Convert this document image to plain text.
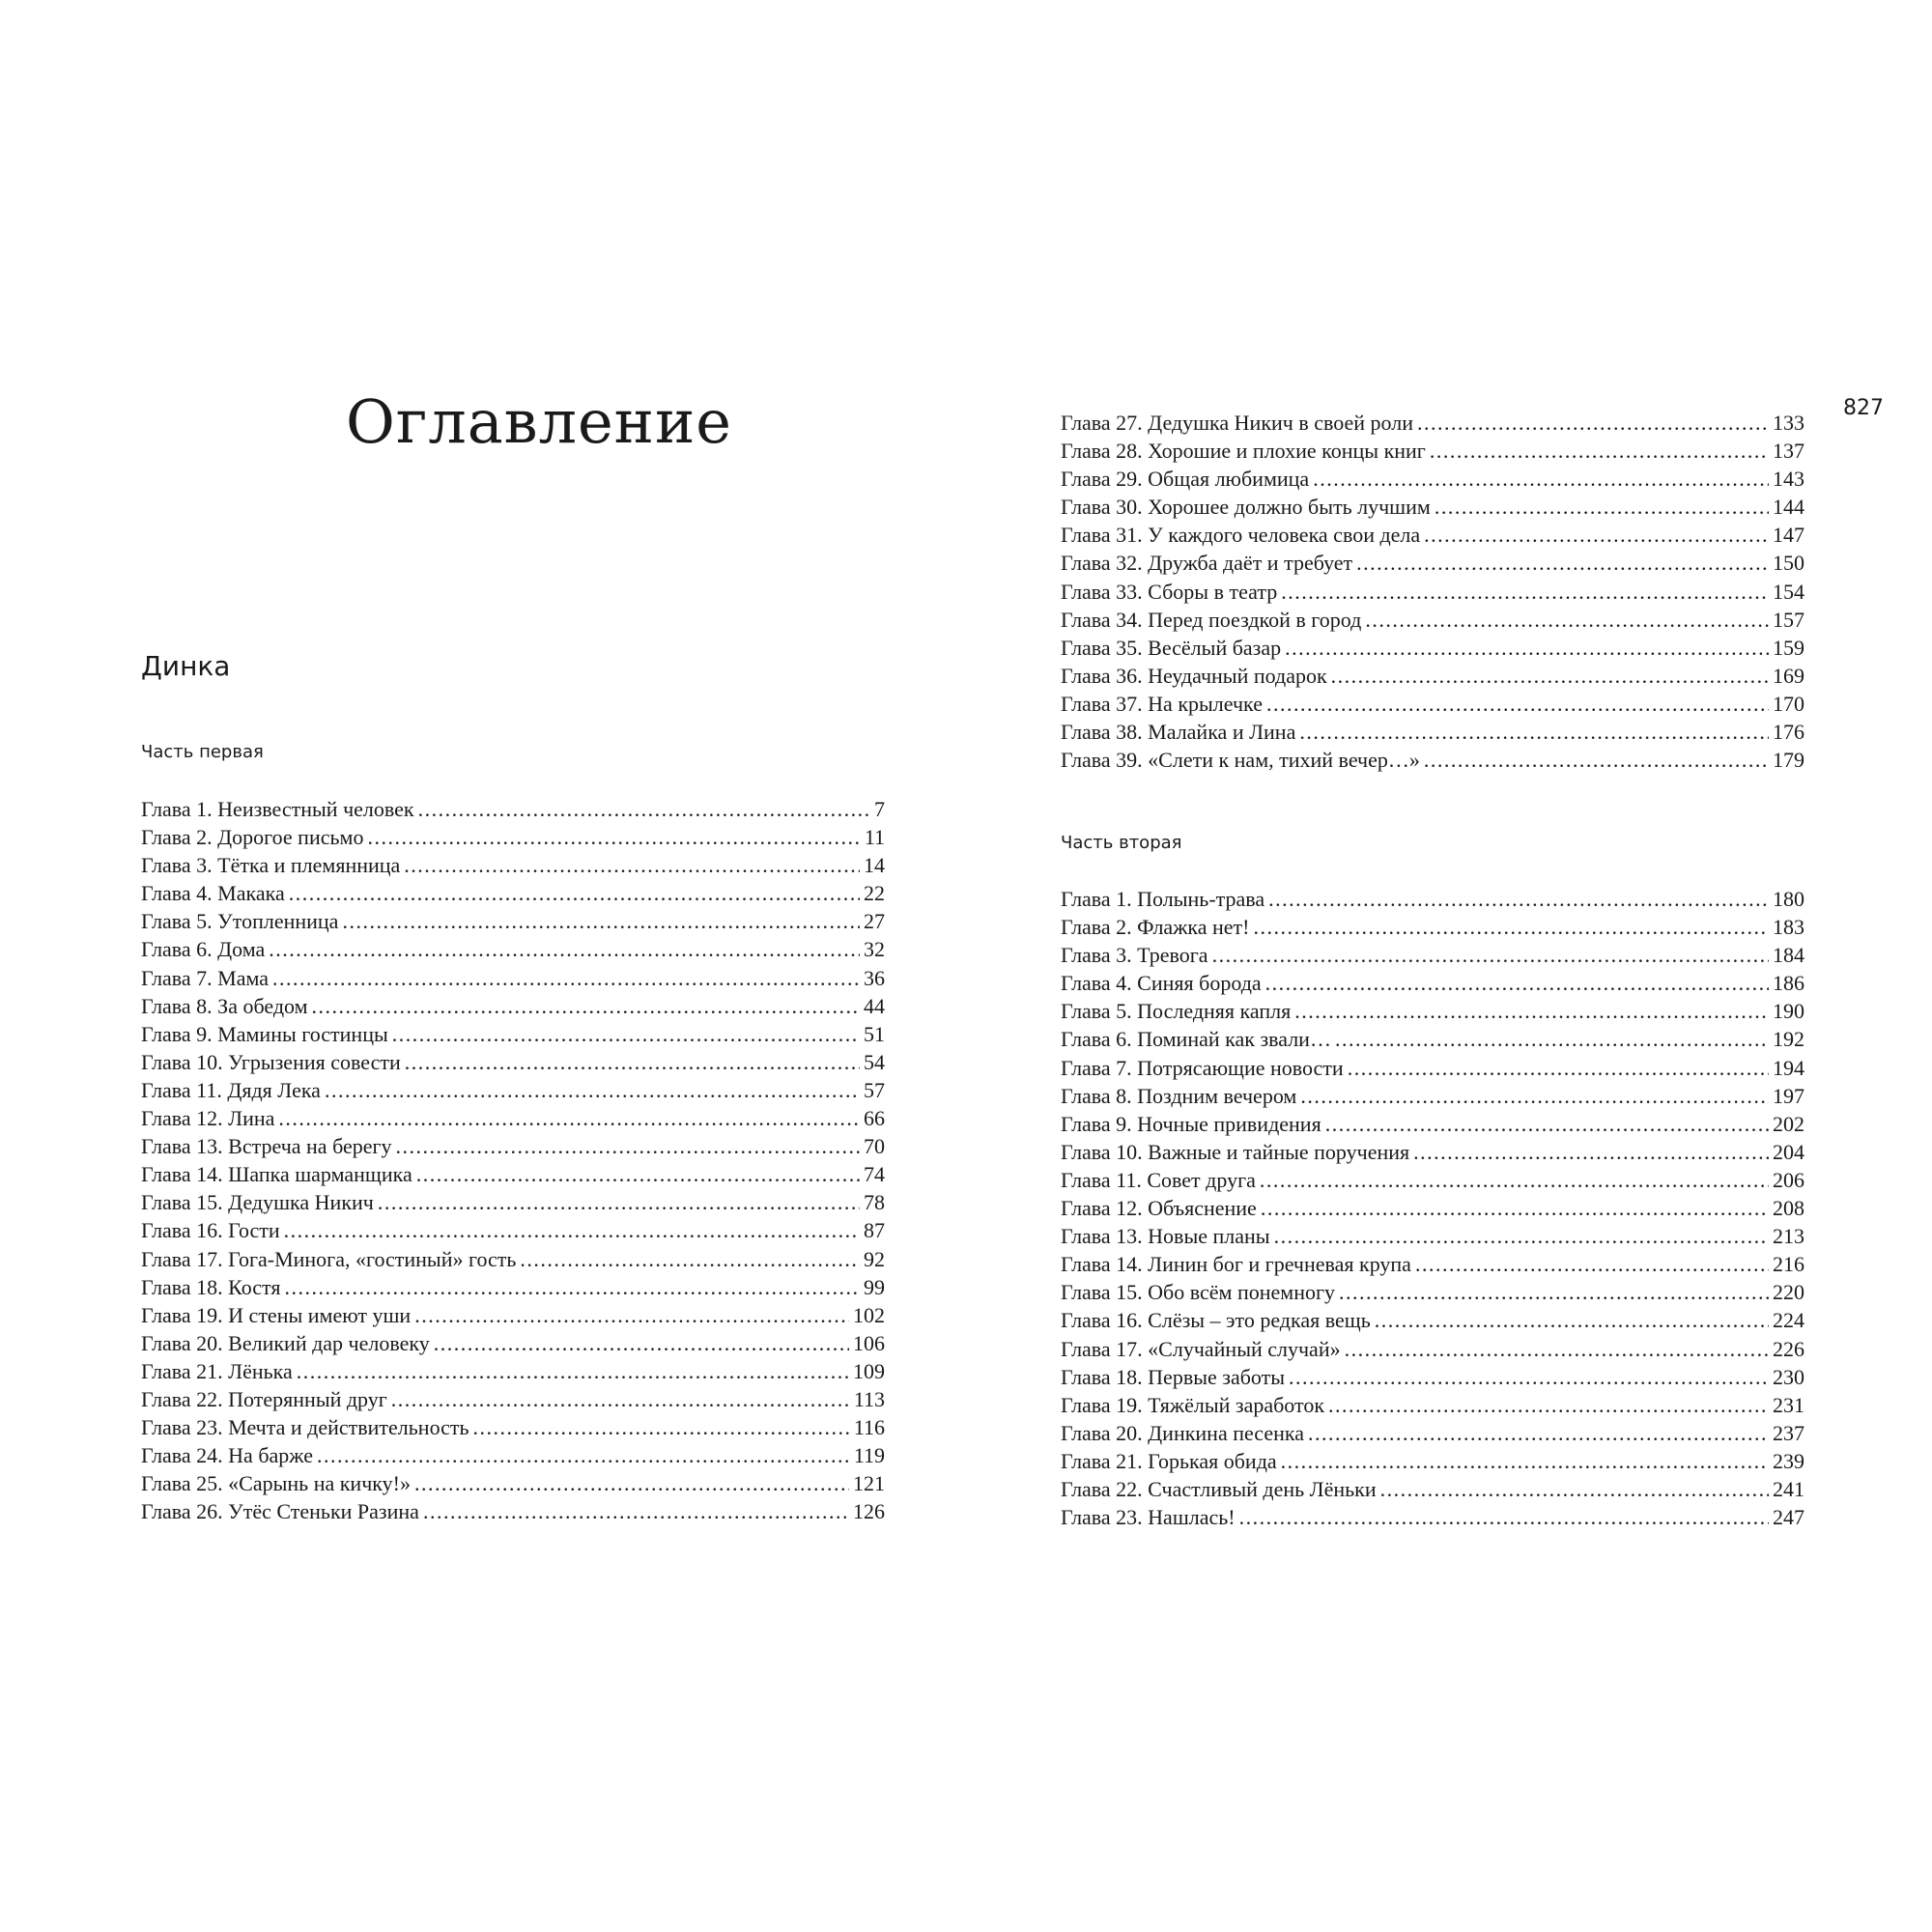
827
Оглавление
Динка
Часть первая
Глава 1. Неизвестный человек .....	7
Глава 2. Дорогое письмо .....	11
Глава 3. Тётка и племянница .....	14
Глава 4. Макака .....	22
Глава 5. Утопленница .....	27
Глава 6. Дома .....	32
Глава 7. Мама .....	36
Глава 8. За обедом .....	44
Глава 9. Мамины гостинцы .....	51
Глава 10. Угрызения совести .....	54
Глава 11. Дядя Лека .....	57
Глава 12. Лина .....	66
Глава 13. Встреча на берегу .....	70
Глава 14. Шапка шарманщика .....	74
Глава 15. Дедушка Никич .....	78
Глава 16. Гости .....	87
Глава 17. Гога-Минога, «гостиный» гость .....	92
Глава 18. Костя .....	99
Глава 19. И стены имеют уши .....	102
Глава 20. Великий дар человеку .....	106
Глава 21. Лёнька .....	109
Глава 22. Потерянный друг .....	113
Глава 23. Мечта и действительность .....	116
Глава 24. На барже .....	119
Глава 25. «Сарынь на кичку!» .....	121
Глава 26. Утёс Стеньки Разина .....	126
Глава 27. Дедушка Никич в своей роли .....	133
Глава 28. Хорошие и плохие концы книг .....	137
Глава 29. Общая любимица .....	143
Глава 30. Хорошее должно быть лучшим .....	144
Глава 31. У каждого человека свои дела .....	147
Глава 32. Дружба даёт и требует .....	150
Глава 33. Сборы в театр .....	154
Глава 34. Перед поездкой в город .....	157
Глава 35. Весёлый базар .....	159
Глава 36. Неудачный подарок .....	169
Глава 37. На крылечке .....	170
Глава 38. Малайка и Лина .....	176
Глава 39. «Слети к нам, тихий вечер…» .....	179
Часть вторая
Глава 1. Полынь-трава .....	180
Глава 2. Флажка нет! .....	183
Глава 3. Тревога .....	184
Глава 4. Синяя борода .....	186
Глава 5. Последняя капля .....	190
Глава 6. Поминай как звали… .....	192
Глава 7. Потрясающие новости .....	194
Глава 8. Поздним вечером .....	197
Глава 9. Ночные привидения .....	202
Глава 10. Важные и тайные поручения .....	204
Глава 11. Совет друга .....	206
Глава 12. Объяснение .....	208
Глава 13. Новые планы .....	213
Глава 14. Линин бог и гречневая крупа .....	216
Глава 15. Обо всём понемногу .....	220
Глава 16. Слёзы – это редкая вещь .....	224
Глава 17. «Случайный случай» .....	226
Глава 18. Первые заботы .....	230
Глава 19. Тяжёлый заработок .....	231
Глава 20. Динкина песенка .....	237
Глава 21. Горькая обида .....	239
Глава 22. Счастливый день Лёньки .....	241
Глава 23. Нашлась! .....	247
